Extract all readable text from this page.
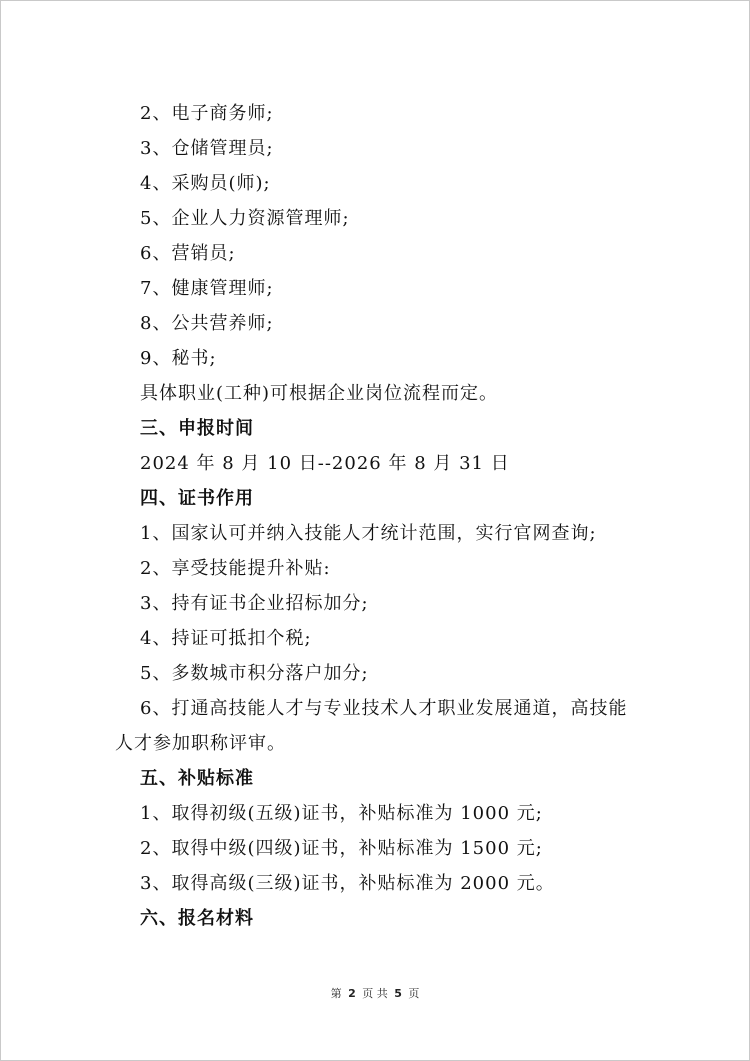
2、电子商务师;
3、仓储管理员;
4、采购员(师);
5、企业人力资源管理师;
6、营销员;
7、健康管理师;
8、公共营养师;
9、秘书;
具体职业(工种)可根据企业岗位流程而定。
三、申报时间
2024 年 8 月 10 日--2026 年 8 月 31 日
四、证书作用
1、国家认可并纳入技能人才统计范围，实行官网查询;
2、享受技能提升补贴:
3、持有证书企业招标加分;
4、持证可抵扣个税;
5、多数城市积分落户加分;
6、打通高技能人才与专业技术人才职业发展通道，高技能
人才参加职称评审。
五、补贴标准
1、取得初级(五级)证书，补贴标准为 1000 元;
2、取得中级(四级)证书，补贴标准为 1500 元;
3、取得高级(三级)证书，补贴标准为 2000 元。
六、报名材料
第 2 页 共 5 页
